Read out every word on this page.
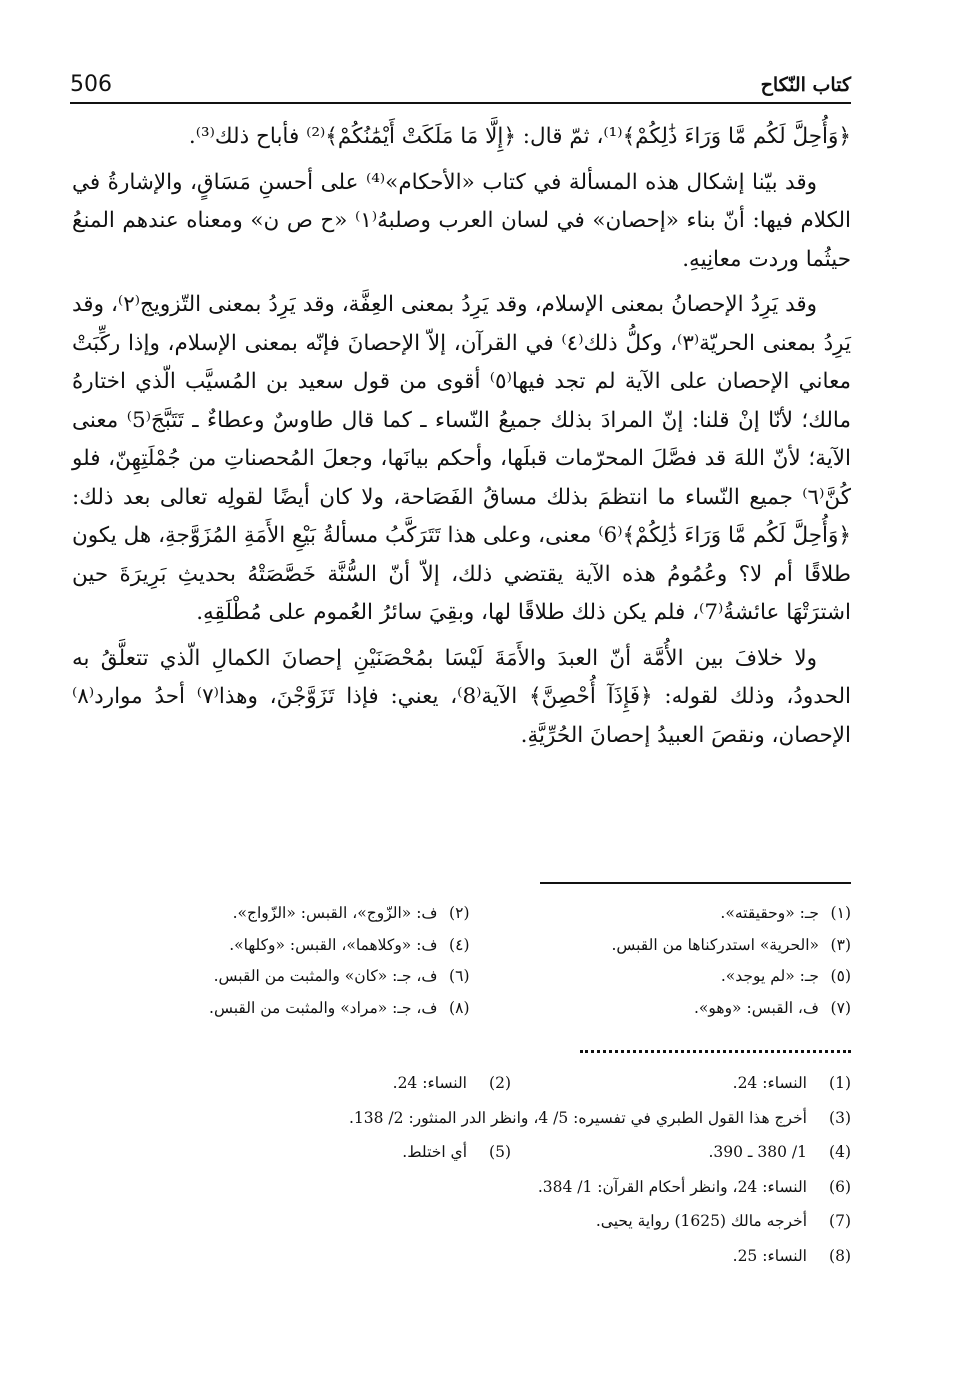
506	كتاب النّكاح

﴿وَأُحِلَّ لَكُم مَّا وَرَاءَ ذَٰلِكُمْ﴾⁽¹⁾، ثمّ قال: ﴿إِلَّا مَا مَلَكَتْ أَيْمَٰنُكُمْ﴾⁽²⁾ فأباح ذلك⁽³⁾.

وقد بيّنا إشكال هذه المسألة في كتاب «الأحكام»⁽⁴⁾ على أحسنِ مَسَاقٍ، والإشارةُ في الكلام فيها: أنّ بناء «إحصان» في لسان العرب وصلبهُ⁽١⁾ «ح ص ن» ومعناه عندهم المنعُ حيثُما وردت معانِيهِ.

وقد يَرِدُ الإحصانُ بمعنى الإسلام، وقد يَرِدُ بمعنى العِفَّة، وقد يَرِدُ بمعنى التّزويج⁽٢⁾، وقد يَرِدُ بمعنى الحريّة⁽٣⁾، وكلُّ ذلك⁽٤⁾ في القرآن، إلاّ الإحصانَ فإنّه بمعنى الإسلام، وإذا ركِّبَتْ معاني الإحصان على الآية لم تجد فيها⁽٥⁾ أقوى من قول سعيد بن المُسيَّب الّذي اختارهُ مالك؛ لأنّا إنْ قلنا: إنّ المرادَ بذلك جميعُ النّساء ـ كما قال طاوسٌ وعطاءٌ ـ تَتَبَّجَ⁽5⁾ معنى الآية؛ لأنّ اللهَ قد فصَّلَ المحرّمات قبلَها، وأحكم بيانَها، وجعلَ المُحصناتِ من جُمْلَتِهِنّ، فلو كُنَّ⁽٦⁾ جميع النّساء ما انتظمَ بذلك مساقُ الفَصَاحة، ولا كان أيضًا لقولِه تعالى بعد ذلك: ﴿وَأُحِلَّ لَكُم مَّا وَرَاءَ ذَٰلِكُمْ﴾⁽6⁾ معنى، وعلى هذا تَتَرَكَّبُ مسألةُ بَيْعِ الأَمَةِ المُزَوَّجةِ، هل يكون طلاقًا أم لا؟ وعُمُومُ هذه الآية يقتضي ذلك، إلاّ أنّ السُّنَّة خَصَّصَتْهُ بحديثِ بَرِيرَةَ حين اشترَتْهَا عائشةُ⁽7⁾، فلم يكن ذلك طلاقًا لها، وبقِيَ سائرُ العُموم على مُطْلَقِهِ.

ولا خلافَ بين الأُمَّة أنّ العبدَ والأَمَةَ لَيْسَا بمُحْصَنَيْنِ إحصانَ الكمالِ الّذي تتعلَّقُ به الحدودُ، وذلك لقوله: ﴿فَإِذَآ أُحْصِنَّ﴾ الآية⁽8⁾، يعني: فإذا تَزَوَّجْنَ، وهذا⁽٧⁾ أحدُ موارد⁽٨⁾ الإحصان، ونقصَ العبيدُ إحصانَ الحُرِّيَّةِ.

(١)جـ: «وحقيقته».
(٢)ف: «الزّوج»، القبس: «الزّواج».
(٣)«الحرية» استدركناها من القبس.
(٤)ف: «وكلاهما»، القبس: «وكلها».
(٥)جـ: «لم يوجد».
(٦)ف، جـ: «كان» والمثبت من القبس.
(٧)ف، القبس: «وهو».
(٨)ف، جـ: «مراد» والمثبت من القبس.
(1)النساء: 24.
(2)النساء: 24.
(3)
أخرج هذا القول الطبري في تفسيره: 5/ 4، وانظر الدر المنثور: 2/ 138.
(4)1/ 380 ـ 390.
(5)أي اختلط.
(6)
النساء: 24، وانظر أحكام القرآن: 1/ 384.
(7)
أخرجه مالك (1625) رواية يحيى.
(8)
النساء: 25.
